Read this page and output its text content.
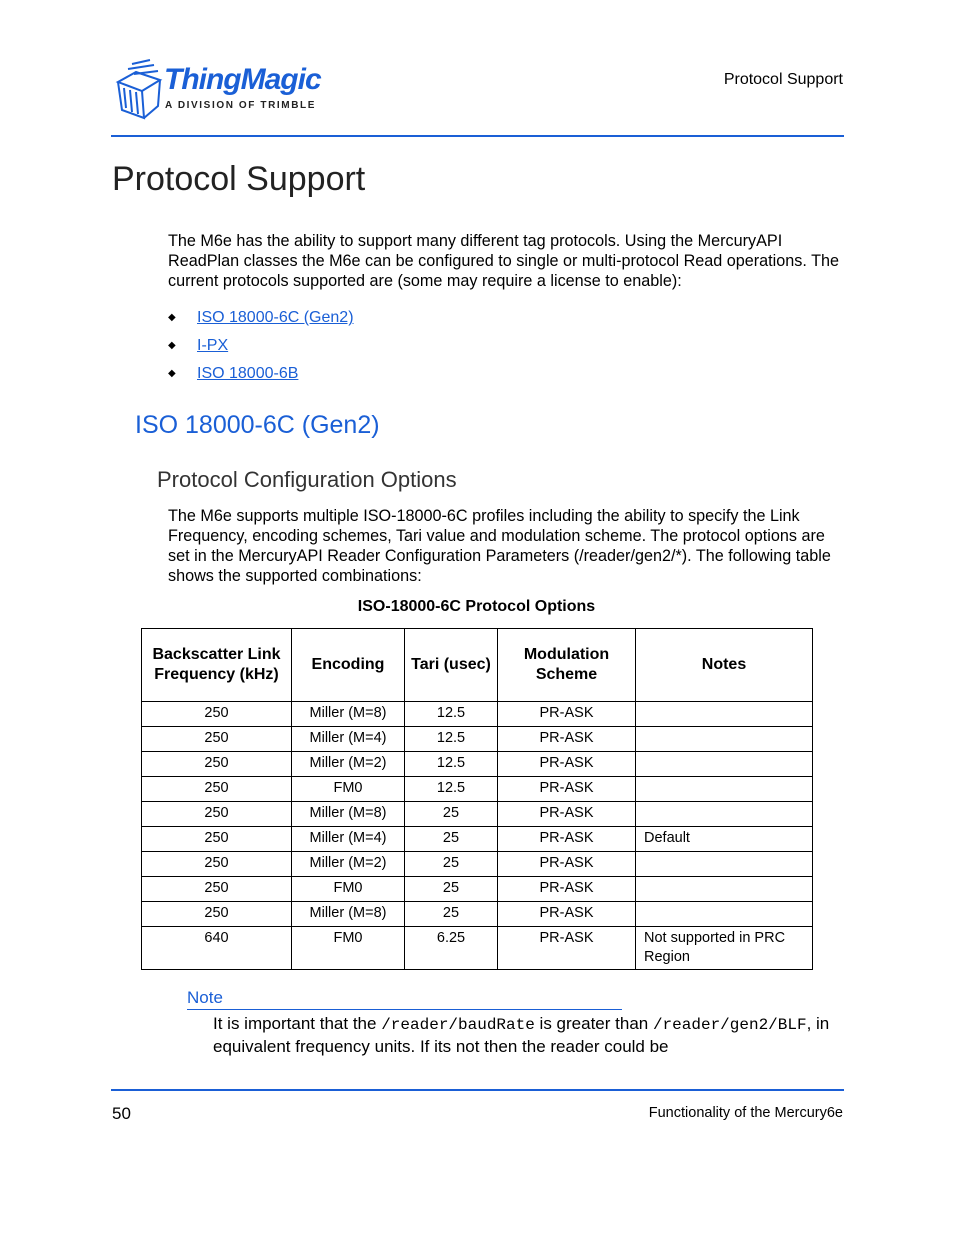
ThingMagic
A DIVISION OF TRIMBLE
Protocol Support
Protocol Support
The M6e has the ability to support many different tag protocols. Using the MercuryAPI ReadPlan classes the M6e can be configured to single or multi-protocol Read operations. The current protocols supported are (some may require a license to enable):
◆ ISO 18000-6C (Gen2)
◆ I-PX
◆ ISO 18000-6B
ISO 18000-6C (Gen2)
Protocol Configuration Options
The M6e supports multiple ISO-18000-6C profiles including the ability to specify the Link Frequency, encoding schemes, Tari value and modulation scheme. The protocol options are set in the MercuryAPI Reader Configuration Parameters (/reader/gen2/*). The following table shows the supported combinations:
ISO-18000-6C Protocol Options
Backscatter Link Frequency (kHz)	Encoding	Tari (usec)	Modulation Scheme	Notes
250	Miller (M=8)	12.5	PR-ASK	
250	Miller (M=4)	12.5	PR-ASK	
250	Miller (M=2)	12.5	PR-ASK	
250	FM0	12.5	PR-ASK	
250	Miller (M=8)	25	PR-ASK	
250	Miller (M=4)	25	PR-ASK	Default
250	Miller (M=2)	25	PR-ASK	
250	FM0	25	PR-ASK	
250	Miller (M=8)	25	PR-ASK	
640	FM0	6.25	PR-ASK	Not supported in PRC Region
Note
It is important that the /reader/baudRate is greater than /reader/gen2/BLF, in equivalent frequency units. If its not then the reader could be
50	Functionality of the Mercury6e
